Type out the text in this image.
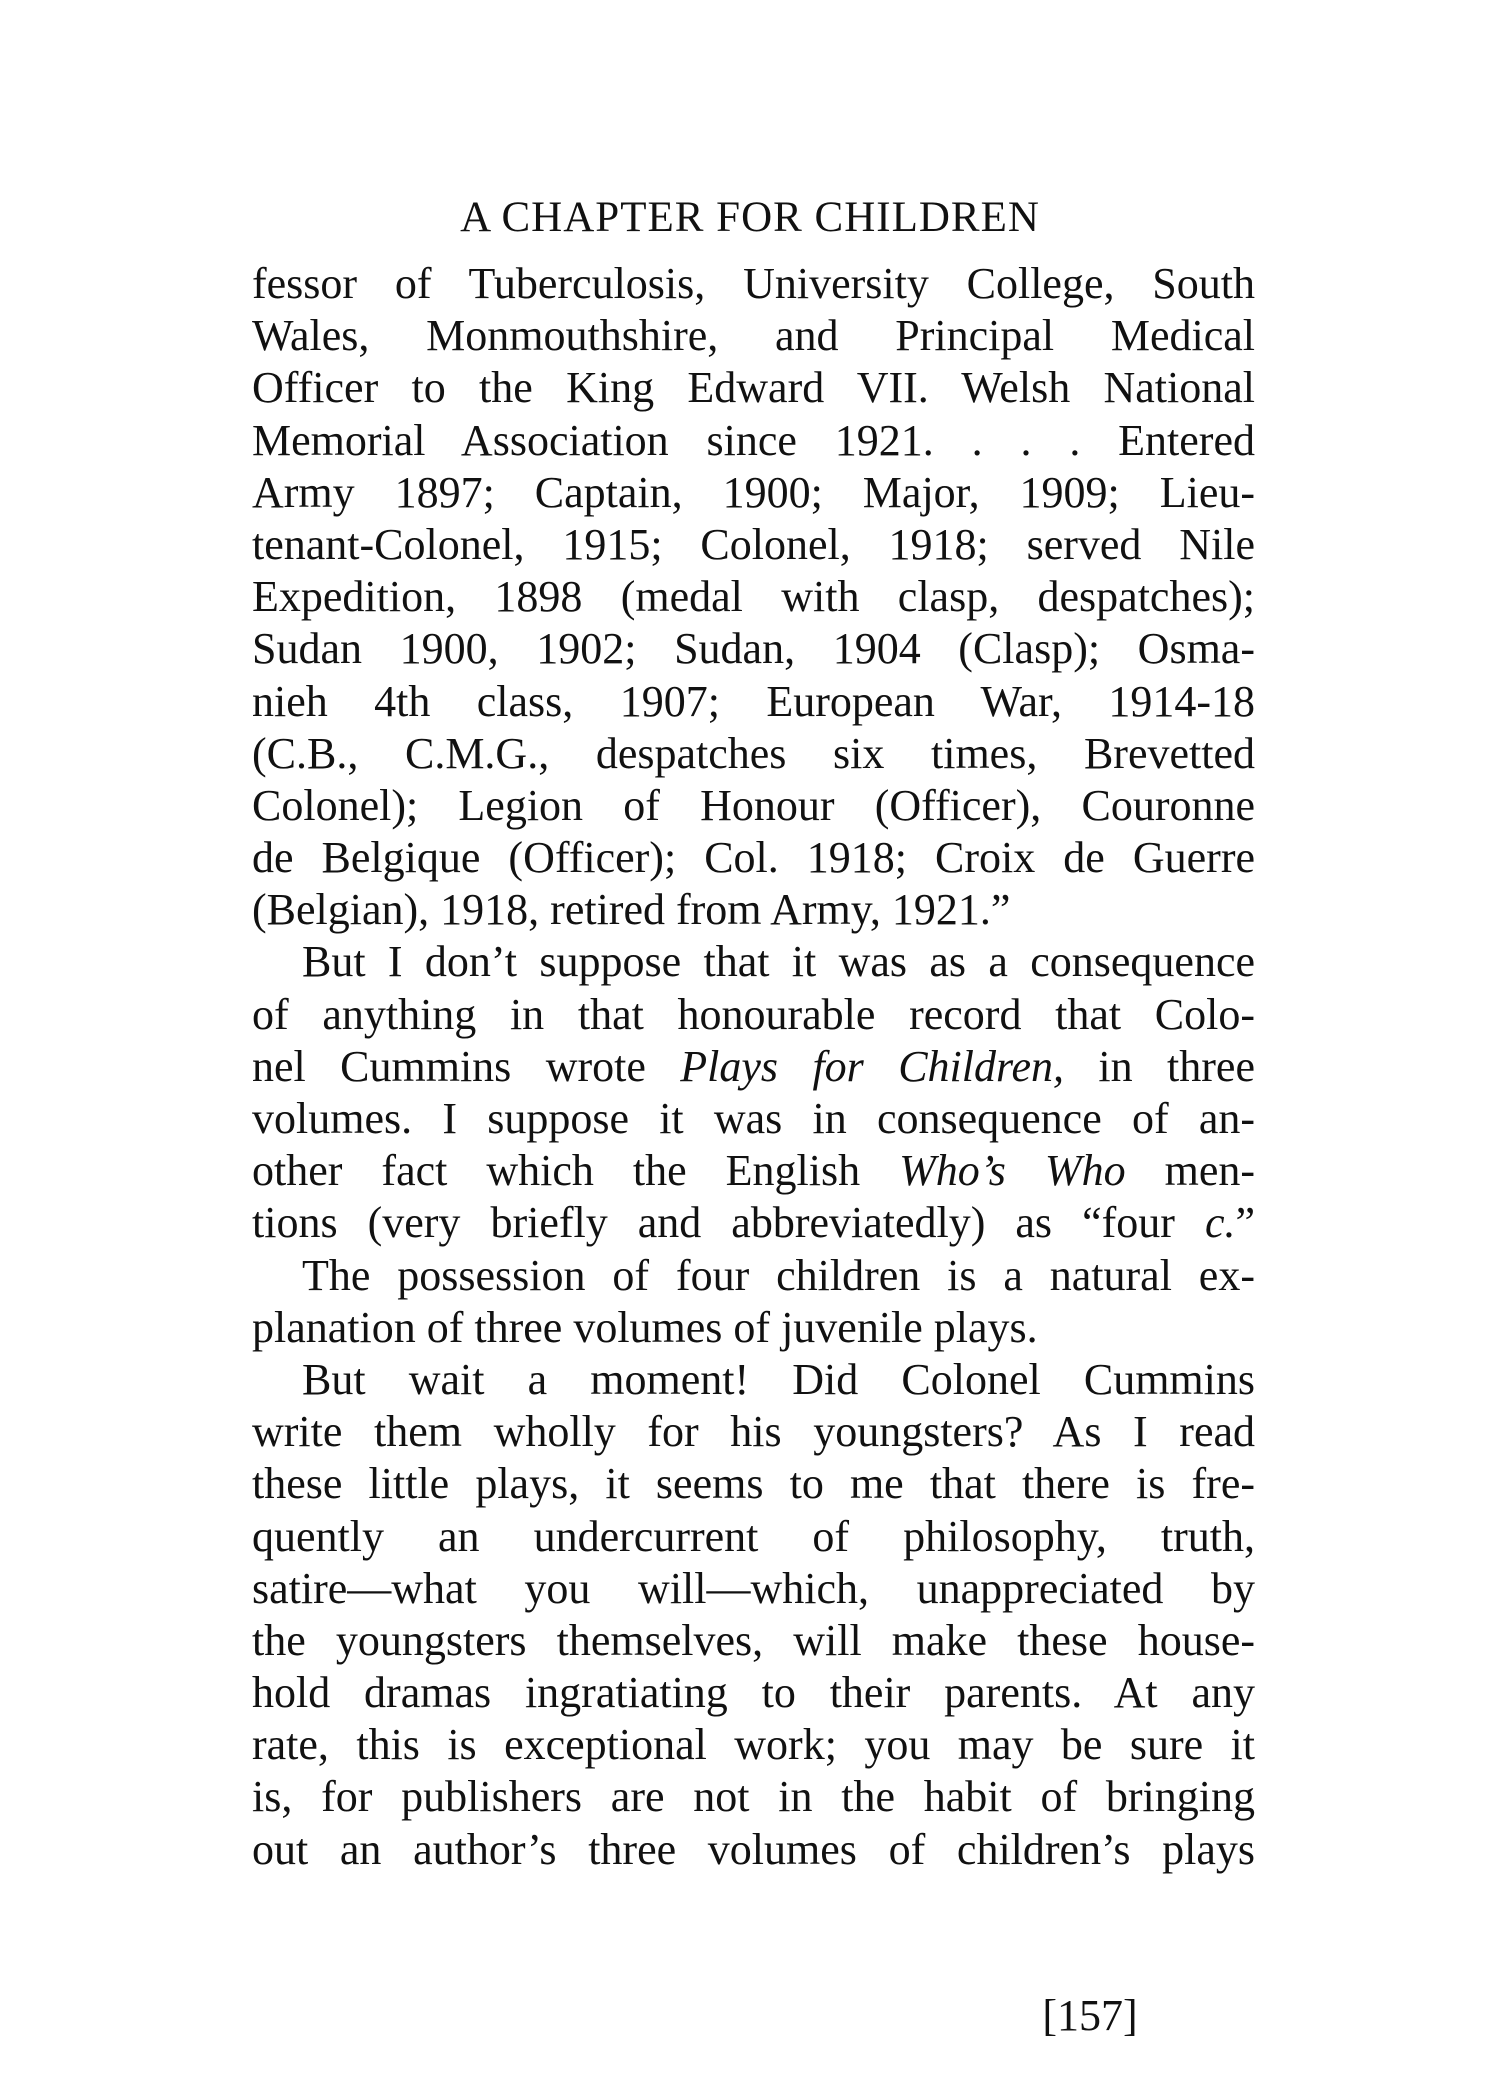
A CHAPTER FOR CHILDREN
fessor of Tuberculosis, University College, South
Wales, Monmouthshire, and Principal Medical
Officer to the King Edward VII. Welsh National
Memorial Association since 1921. . . . Entered
Army 1897; Captain, 1900; Major, 1909; Lieu-
tenant-Colonel, 1915; Colonel, 1918; served Nile
Expedition, 1898 (medal with clasp, despatches);
Sudan 1900, 1902; Sudan, 1904 (Clasp); Osma-
nieh 4th class, 1907; European War, 1914-18
(C.B., C.M.G., despatches six times, Brevetted
Colonel); Legion of Honour (Officer), Couronne
de Belgique (Officer); Col. 1918; Croix de Guerre
(Belgian), 1918, retired from Army, 1921.”
But I don’t suppose that it was as a consequence
of anything in that honourable record that Colo-
nel Cummins wrote Plays for Children, in three
volumes. I suppose it was in consequence of an-
other fact which the English Who’s Who men-
tions (very briefly and abbreviatedly) as “four c.”
The possession of four children is a natural ex-
planation of three volumes of juvenile plays.
But wait a moment! Did Colonel Cummins
write them wholly for his youngsters? As I read
these little plays, it seems to me that there is fre-
quently an undercurrent of philosophy, truth,
satire—what you will—which, unappreciated by
the youngsters themselves, will make these house-
hold dramas ingratiating to their parents. At any
rate, this is exceptional work; you may be sure it
is, for publishers are not in the habit of bringing
out an author’s three volumes of children’s plays
[157]
